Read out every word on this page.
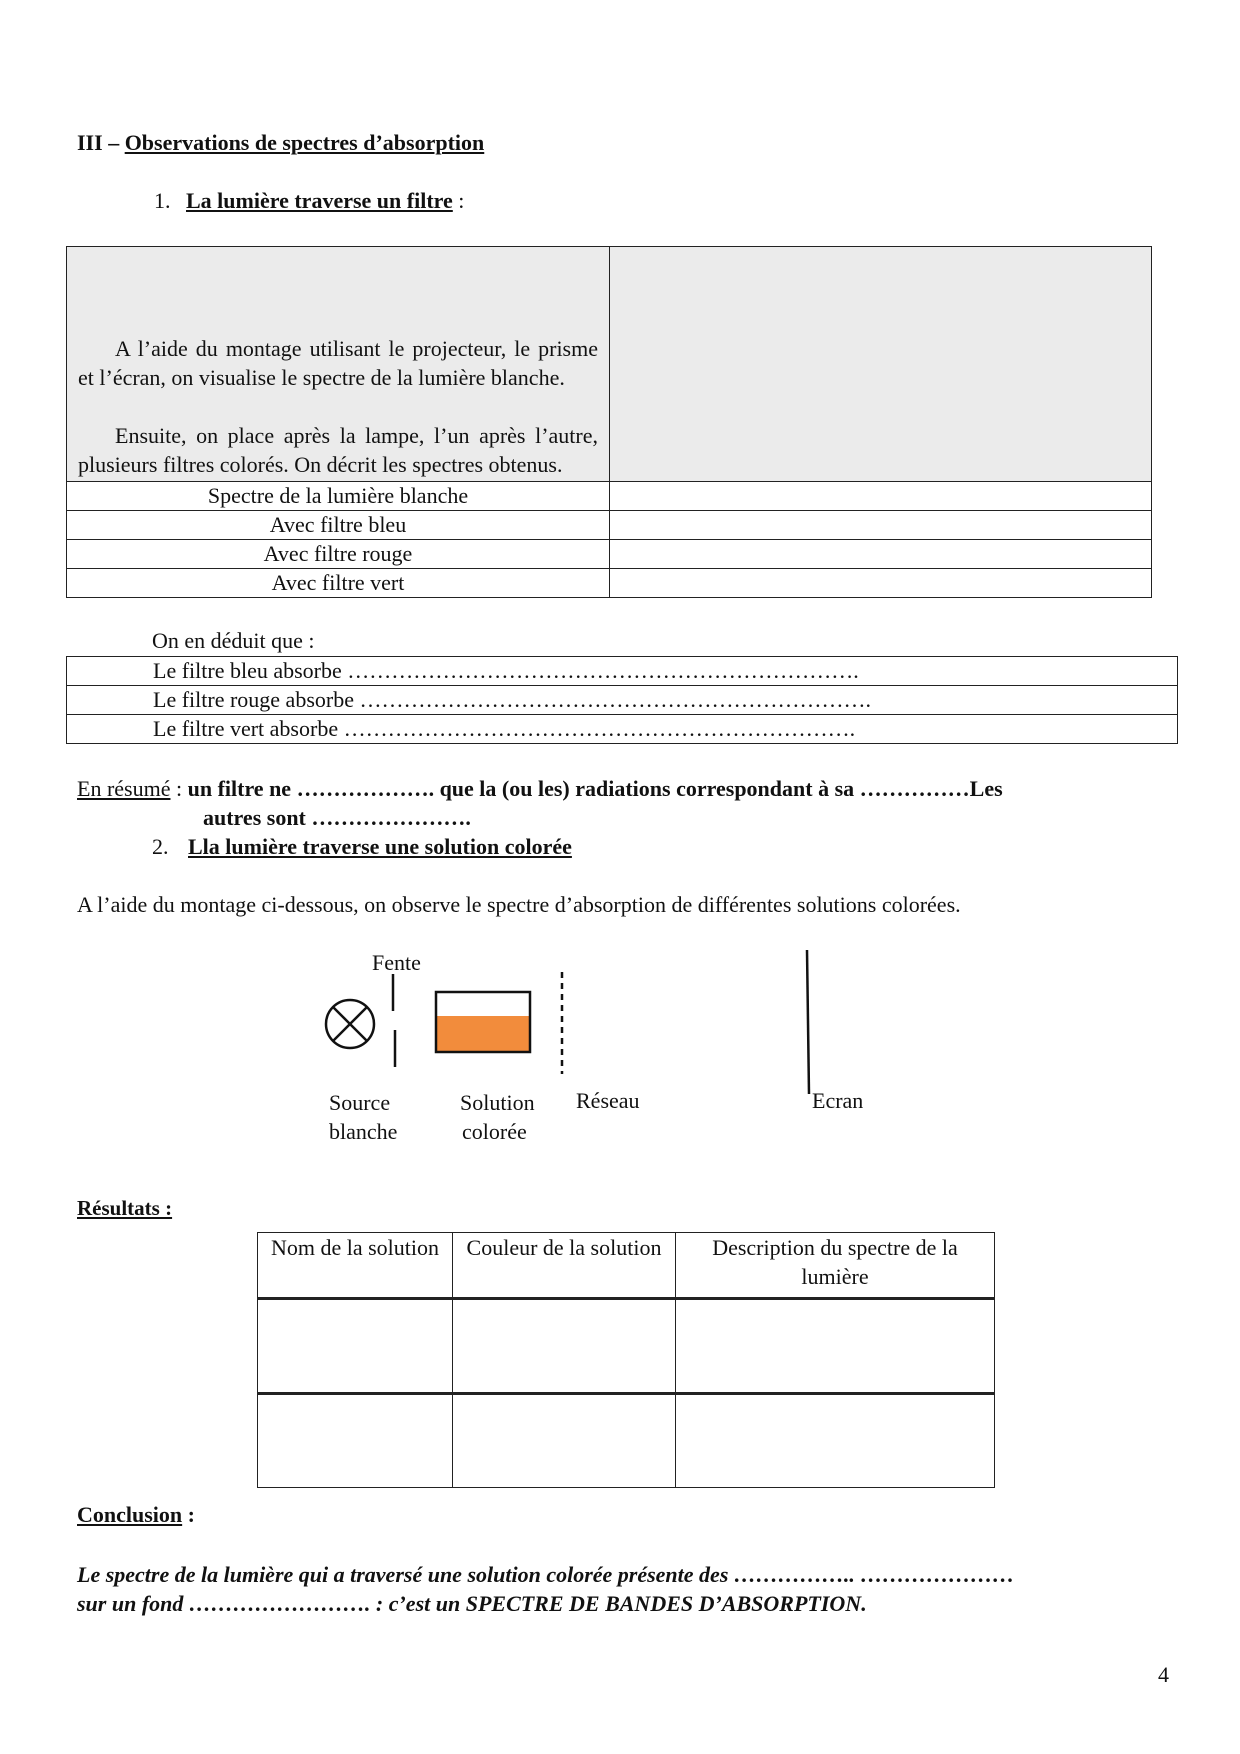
III – Observations de spectres d’absorption
1. La lumière traverse un filtre :
A l’aide du montage utilisant le projecteur, le prisme et l’écran, on visualise le spectre de la lumière blanche.
Ensuite, on place après la lampe, l’un après l’autre, plusieurs filtres colorés. On décrit les spectres obtenus.	

Spectre de la lumière blanche	
Avec filtre bleu	
Avec filtre rouge	
Avec filtre vert	
On en déduit que :
Le filtre bleu absorbe …………………………………………………………….
Le filtre rouge absorbe …………………………………………………………….
Le filtre vert absorbe …………………………………………………………….
En résumé : un filtre ne ………………. que la (ou les) radiations correspondant à sa ……………Les
autres sont ………………….
2. Lla lumière traverse une solution colorée
A l’aide du montage ci-dessous, on observe le spectre d’absorption de différentes solutions colorées.
Fente
Source
blanche
Solution
colorée
Réseau	Ecran
Résultats :
Nom de la solution	Couleur de la solution	Description du spectre de la lumière

Conclusion :
Le spectre de la lumière qui a traversé une solution colorée présente des …………….. …………………
sur un fond ……………………. : c’est un SPECTRE DE BANDES D’ABSORPTION.
4
